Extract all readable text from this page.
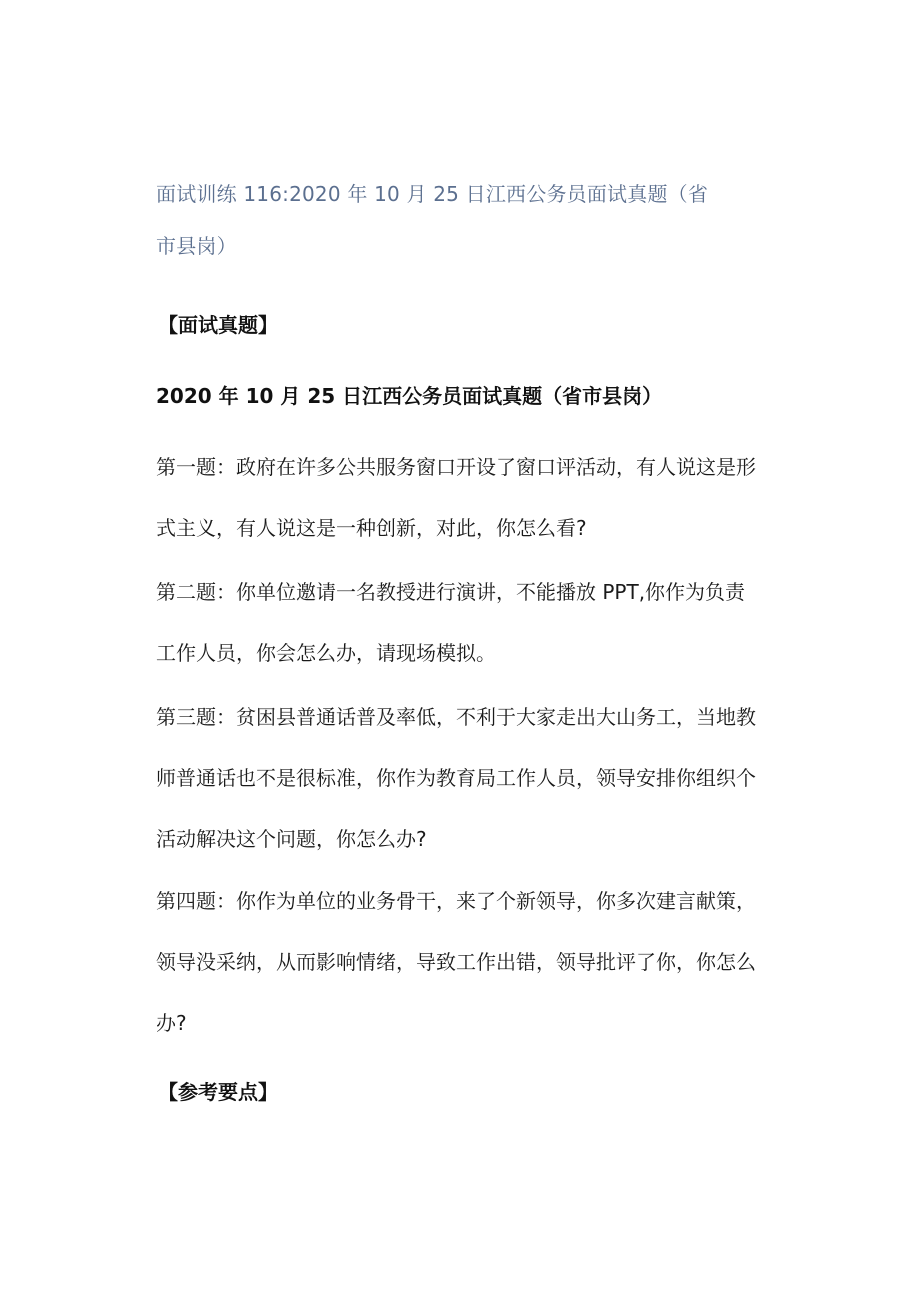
面试训练 116:2020 年 10 月 25 日江西公务员面试真题（省市县岗）
【面试真题】
2020 年 10 月 25 日江西公务员面试真题（省市县岗）

第一题：政府在许多公共服务窗口开设了窗口评活动，有人说这是形式主义，有人说这是一种创新，对此，你怎么看?

第二题：你单位邀请一名教授进行演讲，不能播放 PPT,你作为负责工作人员，你会怎么办，请现场模拟。

第三题：贫困县普通话普及率低，不利于大家走出大山务工，当地教师普通话也不是很标准，你作为教育局工作人员，领导安排你组织个活动解决这个问题，你怎么办?

第四题：你作为单位的业务骨干，来了个新领导，你多次建言献策，领导没采纳，从而影响情绪，导致工作出错，领导批评了你，你怎么办?

【参考要点】
